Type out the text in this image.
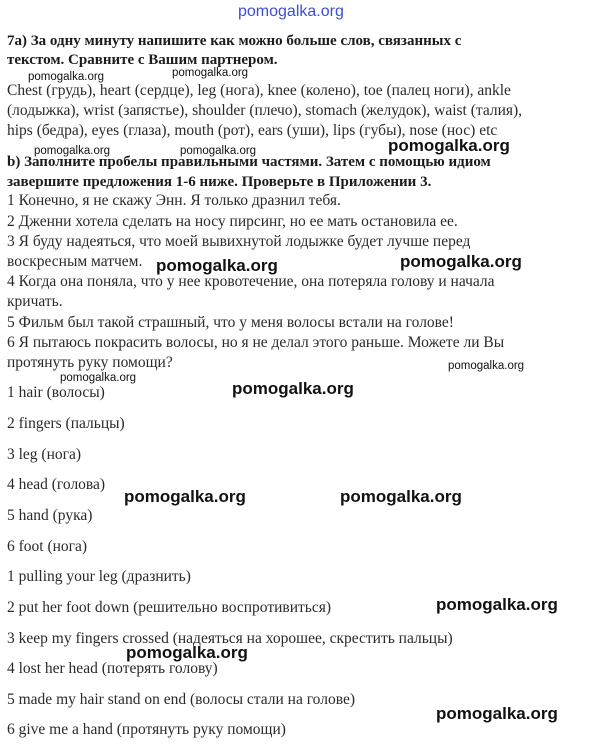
pomogalka.org
pomogalka.org	pomogalka.org
pomogalka.org	pomogalka.org	pomogalka.org
pomogalka.org	pomogalka.org
pomogalka.org
pomogalka.org
pomogalka.org
pomogalka.org	pomogalka.org
pomogalka.org
pomogalka.org
pomogalka.org
7a) За одну минуту напишите как можно больше слов, связанных с
текстом. Сравните с Вашим партнером.
Chest (грудь), heart (сердце), leg (нога), knee (колено), toe (палец ноги), ankle
(лодыжка), wrist (запястье), shoulder (плечо), stomach (желудок), waist (талия),
hips (бедра), eyes (глаза), mouth (рот), ears (уши), lips (губы), nose (нос) etc
b) Заполните пробелы правильными частями. Затем с помощью идиом
завершите предложения 1-6 ниже. Проверьте в Приложении 3.
1 Конечно, я не скажу Энн. Я только дразнил тебя.
2 Дженни хотела сделать на носу пирсинг, но ее мать остановила ее.
3 Я буду надеяться, что моей вывихнутой лодыжке будет лучше перед
воскресным матчем.
4 Когда она поняла, что у нее кровотечение, она потеряла голову и начала
кричать.
5 Фильм был такой страшный, что у меня волосы встали на голове!
6 Я пытаюсь покрасить волосы, но я не делал этого раньше. Можете ли Вы
протянуть руку помощи?
1 hair (волосы)
2 fingers (пальцы)
3 leg (нога)
4 head (голова)
5 hand (рука)
6 foot (нога)
1 pulling your leg (дразнить)
2 put her foot down (решительно воспротивиться)
3 keep my fingers crossed (надеяться на хорошее, скрестить пальцы)
4 lost her head (потерять голову)
5 made my hair stand on end (волосы стали на голове)
6 give me a hand (протянуть руку помощи)
